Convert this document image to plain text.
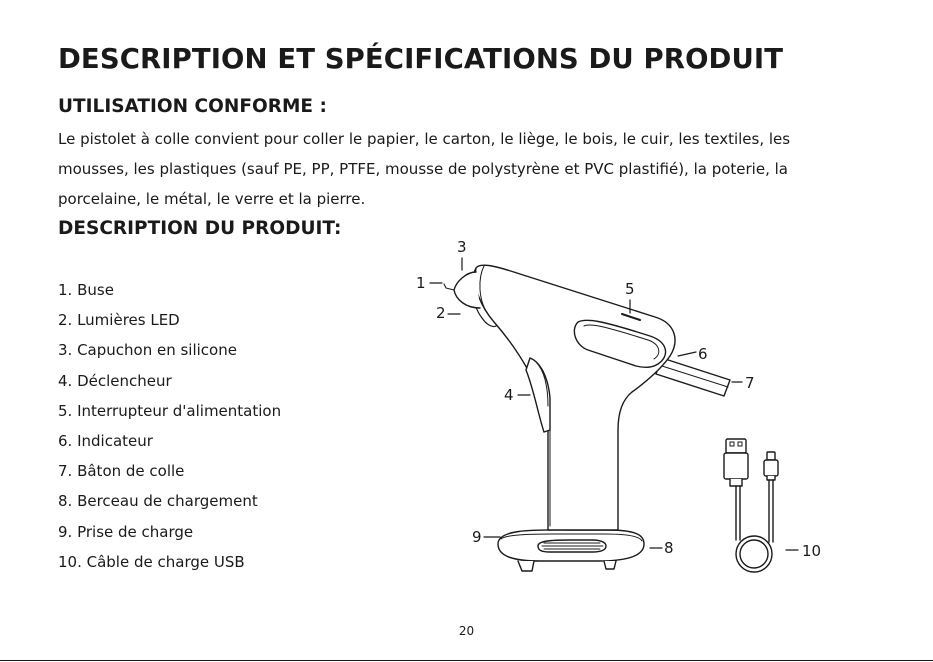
DESCRIPTION ET SPÉCIFICATIONS DU PRODUIT
UTILISATION CONFORME :

Le pistolet à colle convient pour coller le papier, le carton, le liège, le bois, le cuir, les textiles, les
mousses, les plastiques (sauf PE, PP, PTFE, mousse de polystyrène et PVC plastifié), la poterie, la
porcelaine, le métal, le verre et la pierre.

DESCRIPTION DU PRODUIT:
1. Buse
2. Lumières LED
3. Capuchon en silicone
4. Déclencheur
5. Interrupteur d'alimentation
6. Indicateur
7. Bâton de colle
8. Berceau de chargement
9. Prise de charge
10. Câble de charge USB
1
2
3
4
5
6
7
8
9
10
20
